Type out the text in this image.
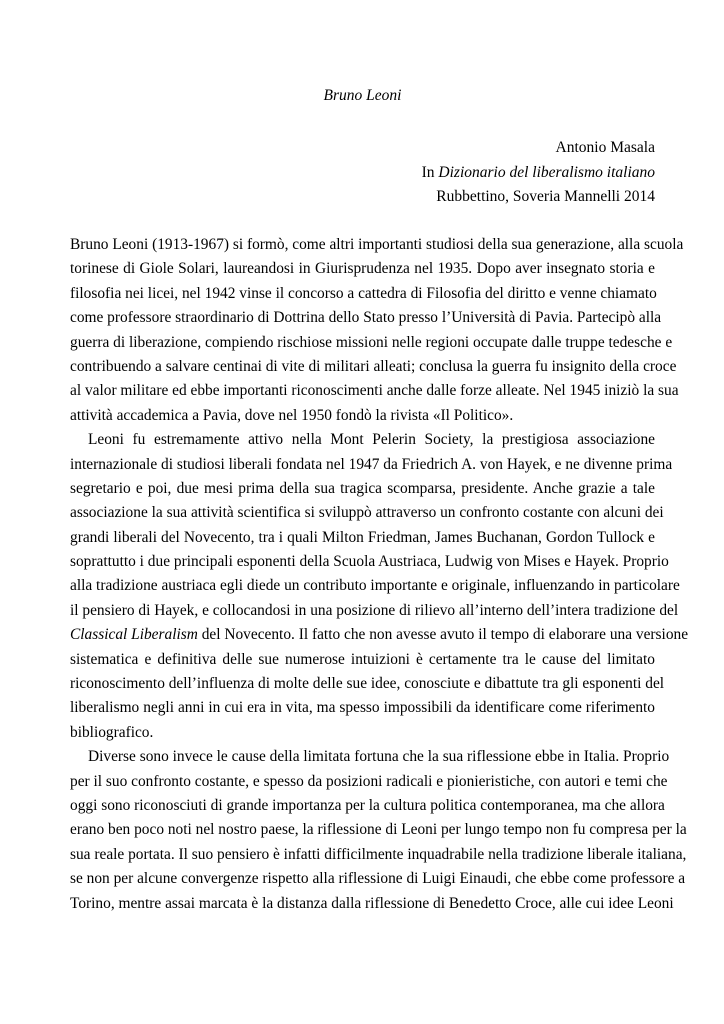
Bruno Leoni
Antonio Masala
In Dizionario del liberalismo italiano
Rubbettino, Soveria Mannelli 2014
Bruno Leoni (1913-1967) si formò, come altri importanti studiosi della sua generazione, alla scuola
torinese di Giole Solari, laureandosi in Giurisprudenza nel 1935. Dopo aver insegnato storia e
filosofia nei licei, nel 1942 vinse il concorso a cattedra di Filosofia del diritto e venne chiamato
come professore straordinario di Dottrina dello Stato presso l’Università di Pavia. Partecipò alla
guerra di liberazione, compiendo rischiose missioni nelle regioni occupate dalle truppe tedesche e
contribuendo a salvare centinai di vite di militari alleati; conclusa la guerra fu insignito della croce
al valor militare ed ebbe importanti riconoscimenti anche dalle forze alleate. Nel 1945 iniziò la sua
attività accademica a Pavia, dove nel 1950 fondò la rivista «Il Politico».
Leoni fu estremamente attivo nella Mont Pelerin Society, la prestigiosa associazione
internazionale di studiosi liberali fondata nel 1947 da Friedrich A. von Hayek, e ne divenne prima
segretario e poi, due mesi prima della sua tragica scomparsa, presidente. Anche grazie a tale
associazione la sua attività scientifica si sviluppò attraverso un confronto costante con alcuni dei
grandi liberali del Novecento, tra i quali Milton Friedman, James Buchanan, Gordon Tullock e
soprattutto i due principali esponenti della Scuola Austriaca, Ludwig von Mises e Hayek. Proprio
alla tradizione austriaca egli diede un contributo importante e originale, influenzando in particolare
il pensiero di Hayek, e collocandosi in una posizione di rilievo all’interno dell’intera tradizione del
Classical Liberalism del Novecento. Il fatto che non avesse avuto il tempo di elaborare una versione
sistematica e definitiva delle sue numerose intuizioni è certamente tra le cause del limitato
riconoscimento dell’influenza di molte delle sue idee, conosciute e dibattute tra gli esponenti del
liberalismo negli anni in cui era in vita, ma spesso impossibili da identificare come riferimento
bibliografico.
Diverse sono invece le cause della limitata fortuna che la sua riflessione ebbe in Italia. Proprio
per il suo confronto costante, e spesso da posizioni radicali e pionieristiche, con autori e temi che
oggi sono riconosciuti di grande importanza per la cultura politica contemporanea, ma che allora
erano ben poco noti nel nostro paese, la riflessione di Leoni per lungo tempo non fu compresa per la
sua reale portata. Il suo pensiero è infatti difficilmente inquadrabile nella tradizione liberale italiana,
se non per alcune convergenze rispetto alla riflessione di Luigi Einaudi, che ebbe come professore a
Torino, mentre assai marcata è la distanza dalla riflessione di Benedetto Croce, alle cui idee Leoni
